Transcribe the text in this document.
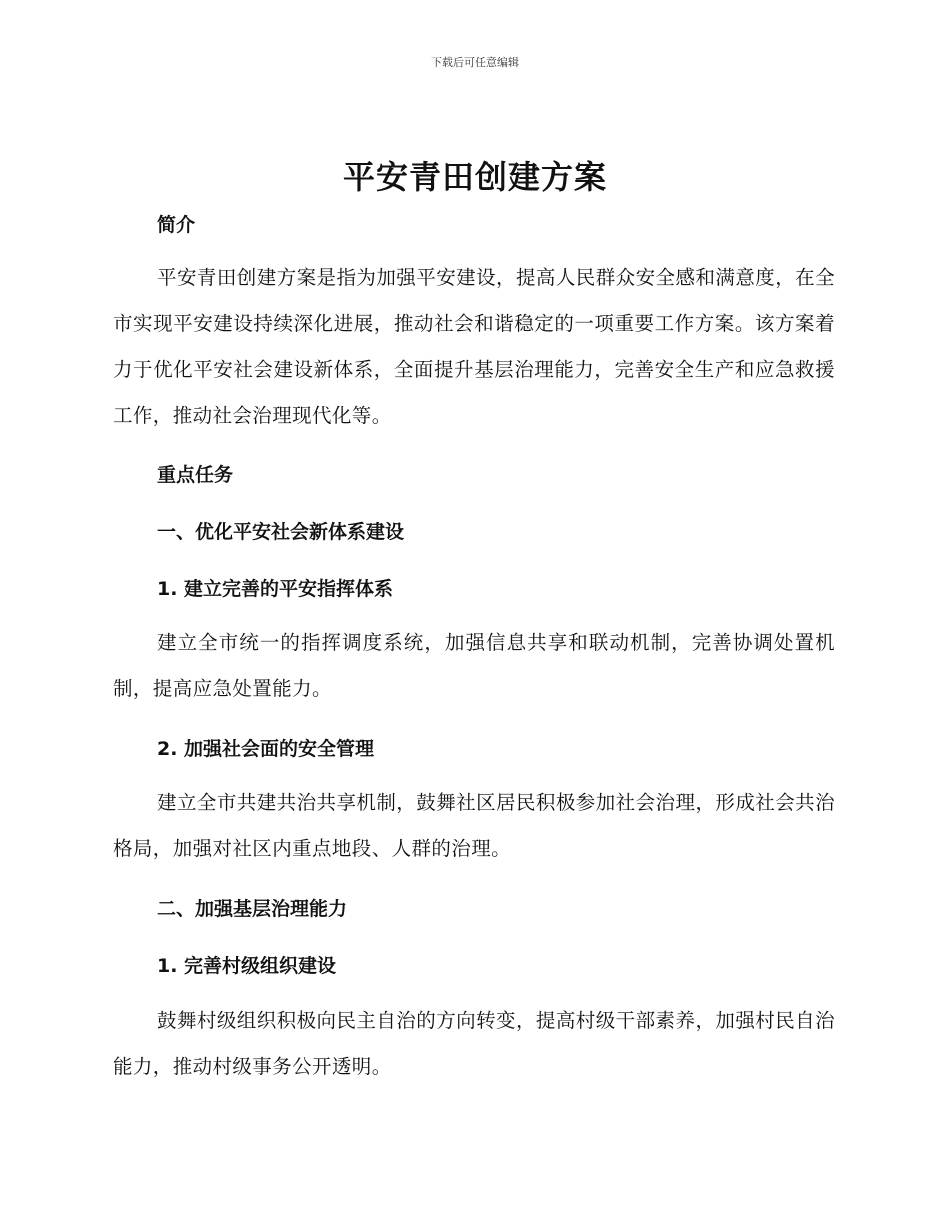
下载后可任意编辑
平安青田创建方案
简介
平安青田创建方案是指为加强平安建设，提高人民群众安全感和满意度，在全市实现平安建设持续深化进展，推动社会和谐稳定的一项重要工作方案。该方案着力于优化平安社会建设新体系，全面提升基层治理能力，完善安全生产和应急救援工作，推动社会治理现代化等。
重点任务
一、优化平安社会新体系建设
1. 建立完善的平安指挥体系
建立全市统一的指挥调度系统，加强信息共享和联动机制，完善协调处置机制，提高应急处置能力。
2. 加强社会面的安全管理
建立全市共建共治共享机制，鼓舞社区居民积极参加社会治理，形成社会共治格局，加强对社区内重点地段、人群的治理。
二、加强基层治理能力
1. 完善村级组织建设
鼓舞村级组织积极向民主自治的方向转变，提高村级干部素养，加强村民自治能力，推动村级事务公开透明。
